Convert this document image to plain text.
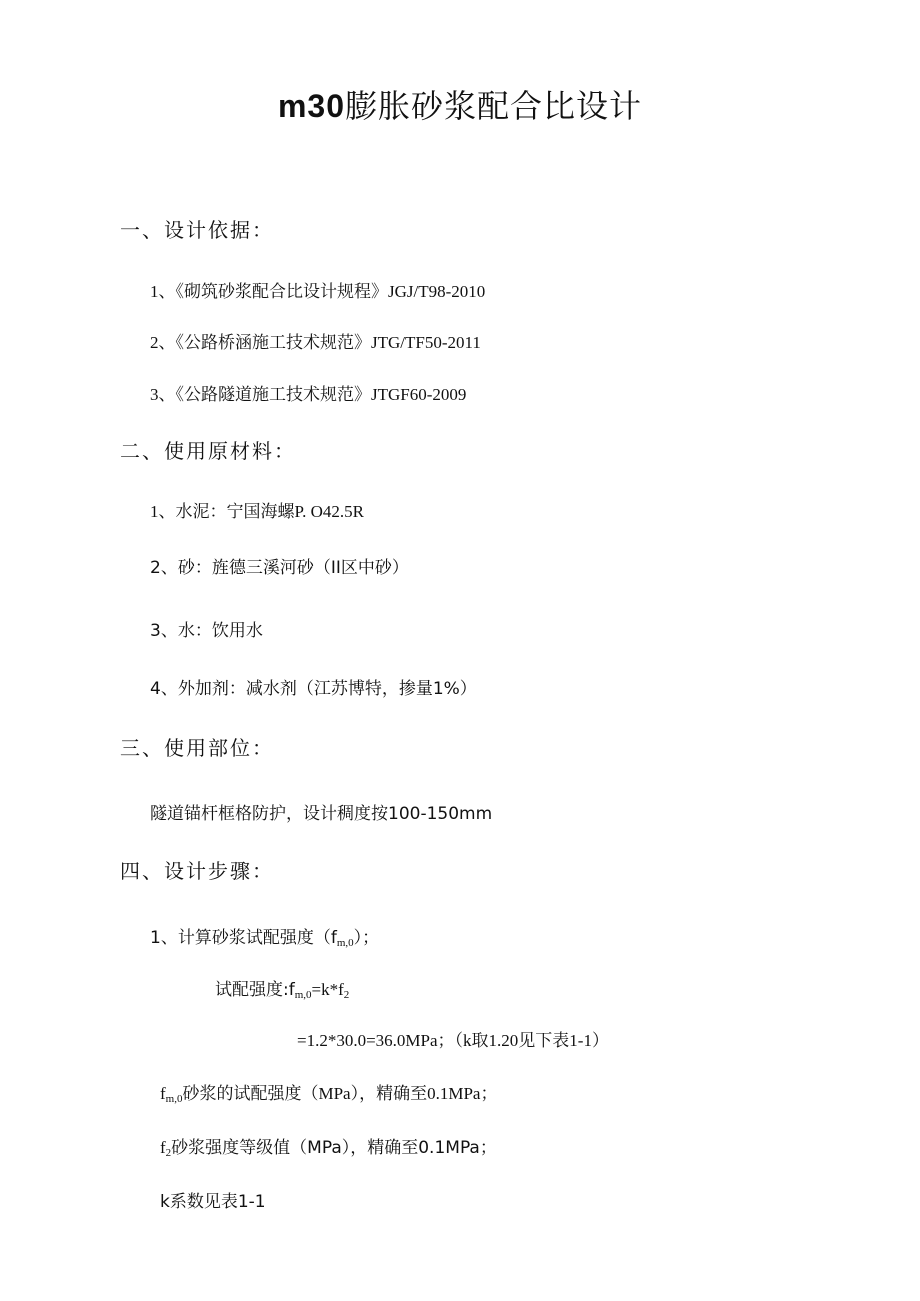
m30膨胀砂浆配合比设计
一、设计依据：
1、《砌筑砂浆配合比设计规程》JGJ/T98-2010
2、《公路桥涵施工技术规范》JTG/TF50-2011
3、《公路隧道施工技术规范》JTGF60-2009
二、使用原材料：
1、水泥：宁国海螺P. O42.5R
2、砂：旌德三溪河砂（II区中砂）
3、水：饮用水
4、外加剂：减水剂（江苏博特，掺量1%）
三、使用部位：
隧道锚杆框格防护，设计稠度按100-150mm
四、设计步骤：
1、计算砂浆试配强度$(f_{m,0})$；
试配强度$:f_{m,0}=k*f_2$
=1.2*30.0=36.0MPa；（k取1.20见下表1-1）
$f_{m,0}$砂浆的试配强度（MPa），精确至0.1MPa；
$f_2$砂浆强度等级值（MPa），精确至0.1MPa；
k系数见表1-1
